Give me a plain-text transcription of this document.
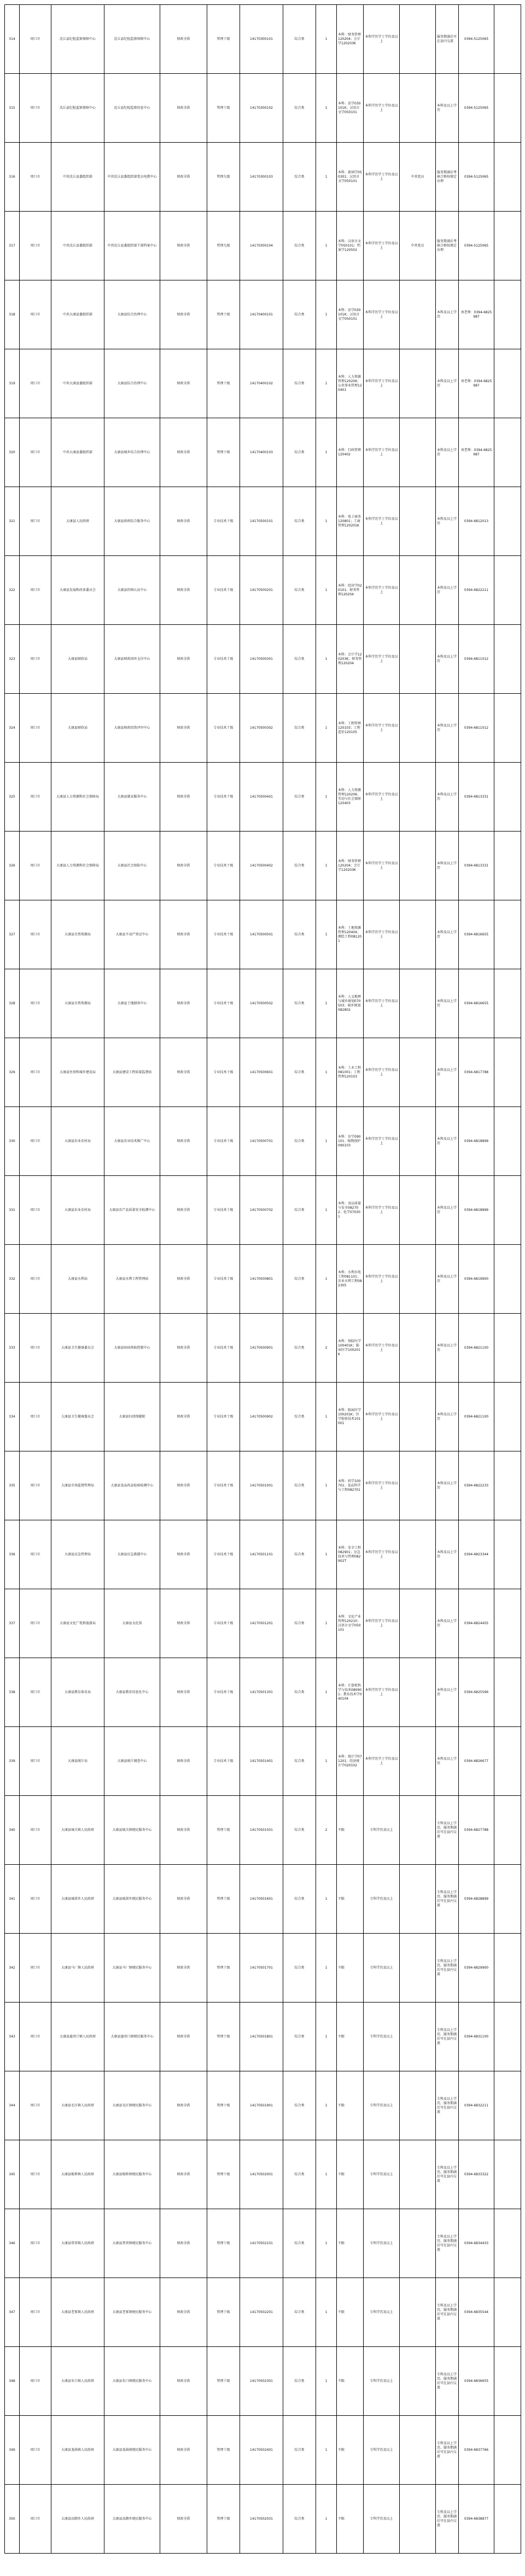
314	周口市	沈丘县纪检监察保障中心	沈丘县纪检监察保障中心	财政全供	管理十级	14170300101	综合类	1	本科：财务管理120204；会计学120203K	本科学历学士学位及以上		服务期满后可在县内交流	0394-5125065	
315	周口市	沈丘县纪检监察保障中心	沈丘县纪检监察信息中心	财政全供	管理十级	14170300102	综合类	1	本科：法学030101K；汉语言文学050101	本科学历学士学位及以上		本科及以上学历	0394-5125065	
316	周口市	中共沈丘县委组织部	中共沈丘县委组织部党员电教中心	财政全供	管理九级	14170300103	综合类	1	本科：新闻学050301；汉语言文学050101	本科学历学士学位及以上	中共党员	服务期满后考核合格按规定办理	0394-5125065	
317	周口市	中共沈丘县委组织部	中共沈丘县委组织部干部档案中心	财政全供	管理九级	14170300104	综合类	1	本科：汉语言文学050101；档案学120502	本科学历学士学位及以上	中共党员	服务期满后考核合格按规定办理	0394-5125065	
318	周口市	中共大康县委组织部	大康县综合治理中心	财政全供	管理十级	14170400101	综合类	1	本科：法学030101K；汉语言文学050101	本科学历学士学位及以上		本科及以上学历	刘老师：0394-6825987	
319	周口市	中共大康县委组织部	大康县综合治理中心	财政全供	管理十级	14170400102	综合类	1	本科：人力资源管理120206；公共事业管理120401	本科学历学士学位及以上		本科及以上学历	刘老师：0394-6825987	
320	周口市	中共大康县委组织部	大康县城乡综合治理中心	财政全供	管理十级	14170400103	综合类	1	本科：行政管理120402	本科学历学士学位及以上		本科及以上学历	刘老师：0394-6825987	
321	周口市	大康县人民政府	大康县政府综合服务中心	财政全供	专业技术十级	14170500101	综合类	1	本科：电子商务120801；工商管理120201K	本科学历学士学位及以上		本科及以上学历	0394-6812013	
322	周口市	大康县发展和改革委员会	大康县价格认证中心	财政全供	专业技术十级	14170500201	综合类	1	本科：经济学020101；财务管理120204	本科学历学士学位及以上		本科及以上学历	0394-6822211	
323	周口市	大康县财政局	大康县财政国库支付中心	财政全供	专业技术十级	14170500301	综合类	1	本科：会计学120203K；财务管理120204	本科学历学士学位及以上		本科及以上学历	0394-6811012	
324	周口市	大康县财政局	大康县财政投资评审中心	财政全供	专业技术十级	14170500302	综合类	1	本科：工程管理120103；工程造价120105	本科学历学士学位及以上		本科及以上学历	0394-6811012	
325	周口市	大康县人力资源和社会保障局	大康县就业服务中心	财政全供	专业技术十级	14170500401	综合类	1	本科：人力资源管理120206；劳动与社会保障120403	本科学历学士学位及以上		本科及以上学历	0394-6813331	
326	周口市	大康县人力资源和社会保障局	大康县社会保险中心	财政全供	专业技术十级	14170500402	综合类	1	本科：财务管理120204；会计学120203K	本科学历学士学位及以上		本科及以上学历	0394-6813331	
327	周口市	大康县自然资源局	大康县不动产登记中心	财政全供	专业技术十级	14170500501	综合类	1	本科：土地资源管理120404；测绘工程081201	本科学历学士学位及以上		本科及以上学历	0394-6816655	
328	周口市	大康县自然资源局	大康县土地储备中心	财政全供	专业技术十级	14170500502	综合类	1	本科：人文地理与城乡规划070503；城乡规划082802	本科学历学士学位及以上		本科及以上学历	0394-6816655	
329	周口市	大康县住房和城乡建设局	大康县建设工程质量监督站	财政全供	专业技术十级	14170500601	综合类	1	本科：土木工程081001；工程管理120103	本科学历学士学位及以上		本科及以上学历	0394-6817788	
330	周口市	大康县农业农村局	大康县农业技术推广中心	财政全供	专业技术十级	14170500701	综合类	1	本科：农学090101；植物保护090103	本科学历学士学位及以上		本科及以上学历	0394-6818899	
331	周口市	大康县农业农村局	大康县农产品质量安全检测中心	财政全供	专业技术十级	14170500702	综合类	1	本科：食品质量与安全082702；化学070301	本科学历学士学位及以上		本科及以上学历	0394-6818899	
332	周口市	大康县水利局	大康县水利工程管理站	财政全供	专业技术十级	14170500801	综合类	1	本科：水利水电工程081101；农业水利工程082305	本科学历学士学位及以上		本科及以上学历	0394-6819900	
333	周口市	大康县卫生健康委员会	大康县疾病预防控制中心	财政全供	专业技术十级	14170500901	综合类	2	本科：预防医学100401K；临床医学100201K	本科学历学士学位及以上		本科及以上学历	0394-6821100	
334	周口市	大康县卫生健康委员会	大康县妇幼保健院	财政全供	专业技术十级	14170500902	综合类	1	本科：临床医学100201K；医学检验技术101001	本科学历学士学位及以上		本科及以上学历	0394-6821100	
335	周口市	大康县市场监督管理局	大康县食品药品检验检测中心	财政全供	专业技术十级	14170501001	综合类	1	本科：药学100701；食品科学与工程082701	本科学历学士学位及以上		本科及以上学历	0394-6822233	
336	周口市	大康县应急管理局	大康县应急救援中心	财政全供	专业技术十级	14170501101	综合类	1	本科：安全工程082901；应急技术与管理082902T	本科学历学士学位及以上		本科及以上学历	0394-6823344	
337	周口市	大康县文化广电和旅游局	大康县文化馆	财政全供	专业技术十级	14170501201	综合类	1	本科：文化产业管理120210；汉语言文学050101	本科学历学士学位及以上		本科及以上学历	0394-6824455	
338	周口市	大康县教育体育局	大康县教育信息化中心	财政全供	专业技术十级	14170501301	综合类	1	本科：计算机科学与技术080901；教育技术学040104	本科学历学士学位及以上		本科及以上学历	0394-6825566	
339	周口市	大康县统计局	大康县统计调查中心	财政全供	专业技术十级	14170501401	综合类	1	本科：统计学071201；经济统计学020102	本科学历学士学位及以上		本科及以上学历	0394-6826677	
340	周口市	大康县城关镇人民政府	大康县城关镇便民服务中心	财政全供	管理十级	14170501501	综合类	2	不限	专科学历及以上		专科及以上学历，服务期满后可在县内交流	0394-6827788	
341	周口市	大康县城郊乡人民政府	大康县城郊乡便民服务中心	财政全供	管理十级	14170501601	综合类	1	不限	专科学历及以上		专科及以上学历，服务期满后可在县内交流	0394-6828899	
342	周口市	大康县马厂镇人民政府	大康县马厂镇便民服务中心	财政全供	管理十级	14170501701	综合类	1	不限	专科学历及以上		专科及以上学历，服务期满后可在县内交流	0394-6829900	
343	周口市	大康县逊母口镇人民政府	大康县逊母口镇便民服务中心	财政全供	管理十级	14170501801	综合类	1	不限	专科学历及以上		专科及以上学历，服务期满后可在县内交流	0394-6831100	
344	周口市	大康县毛庄镇人民政府	大康县毛庄镇便民服务中心	财政全供	管理十级	14170501901	综合类	1	不限	专科学历及以上		专科及以上学历，服务期满后可在县内交流	0394-6832211	
345	周口市	大康县板桥镇人民政府	大康县板桥镇便民服务中心	财政全供	管理十级	14170502001	综合类	1	不限	专科学历及以上		专科及以上学历，服务期满后可在县内交流	0394-6833322	
346	周口市	大康县常营镇人民政府	大康县常营镇便民服务中心	财政全供	管理十级	14170502101	综合类	1	不限	专科学历及以上		专科及以上学历，服务期满后可在县内交流	0394-6834433	
347	周口市	大康县老冢镇人民政府	大康县老冢镇便民服务中心	财政全供	管理十级	14170502201	综合类	1	不限	专科学历及以上		专科及以上学历，服务期满后可在县内交流	0394-6835544	
348	周口市	大康县朱口镇人民政府	大康县朱口镇便民服务中心	财政全供	管理十级	14170502301	综合类	1	不限	专科学历及以上		专科及以上学历，服务期满后可在县内交流	0394-6836655	
349	周口市	大康县龙曲镇人民政府	大康县龙曲镇便民服务中心	财政全供	管理十级	14170502401	综合类	1	不限	专科学历及以上		专科及以上学历，服务期满后可在县内交流	0394-6837766	
350	周口市	大康县高朗乡人民政府	大康县高朗乡便民服务中心	财政全供	管理十级	14170502501	综合类	1	不限	专科学历及以上		专科及以上学历，服务期满后可在县内交流	0394-6838877	
